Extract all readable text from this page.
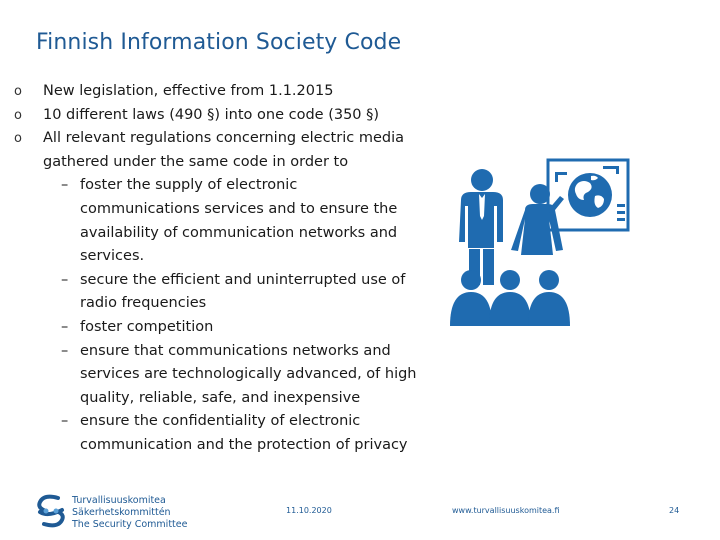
Finnish Information Society Code
o New legislation, effective from 1.1.2015
o 10 different laws (490 §) into one code (350 §)
o All relevant regulations concerning electric media gathered under the same code in order to
– foster the supply of electronic communications services and to ensure the availability of communication networks and services.
– secure the efficient and uninterrupted use of radio frequencies
– foster competition
– ensure that communications networks and services are technologically advanced, of high quality, reliable, safe, and inexpensive
– ensure the confidentiality of electronic communication and the protection of privacy
Turvallisuuskomitea
Säkerhetskommittén
The Security Committee
11.10.2020	www.turvallisuuskomitea.fi	24
